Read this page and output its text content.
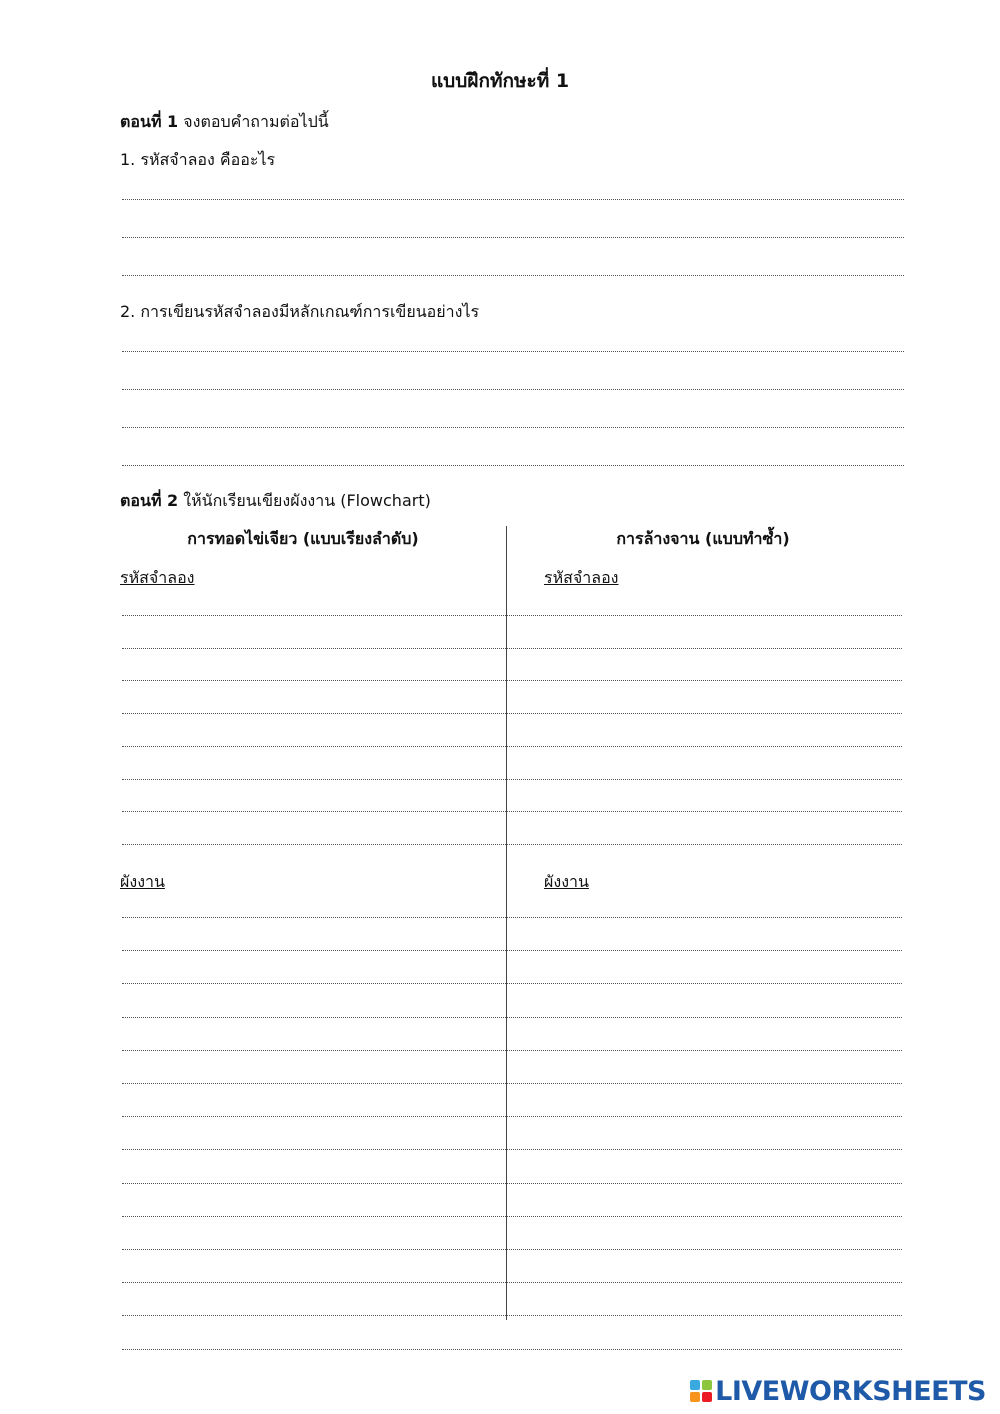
แบบฝึกทักษะที่ 1
ตอนที่ 1 จงตอบคำถามต่อไปนี้
1. รหัสจำลอง คืออะไร
2. การเขียนรหัสจำลองมีหลักเกณฑ์การเขียนอย่างไร
ตอนที่ 2 ให้นักเรียนเขียงผังงาน (Flowchart)
การทอดไข่เจียว (แบบเรียงลำดับ)	การล้างจาน (แบบทำซ้ำ)
รหัสจำลอง	รหัสจำลอง
ผังงาน	ผังงาน
LIVEWORKSHEETS
